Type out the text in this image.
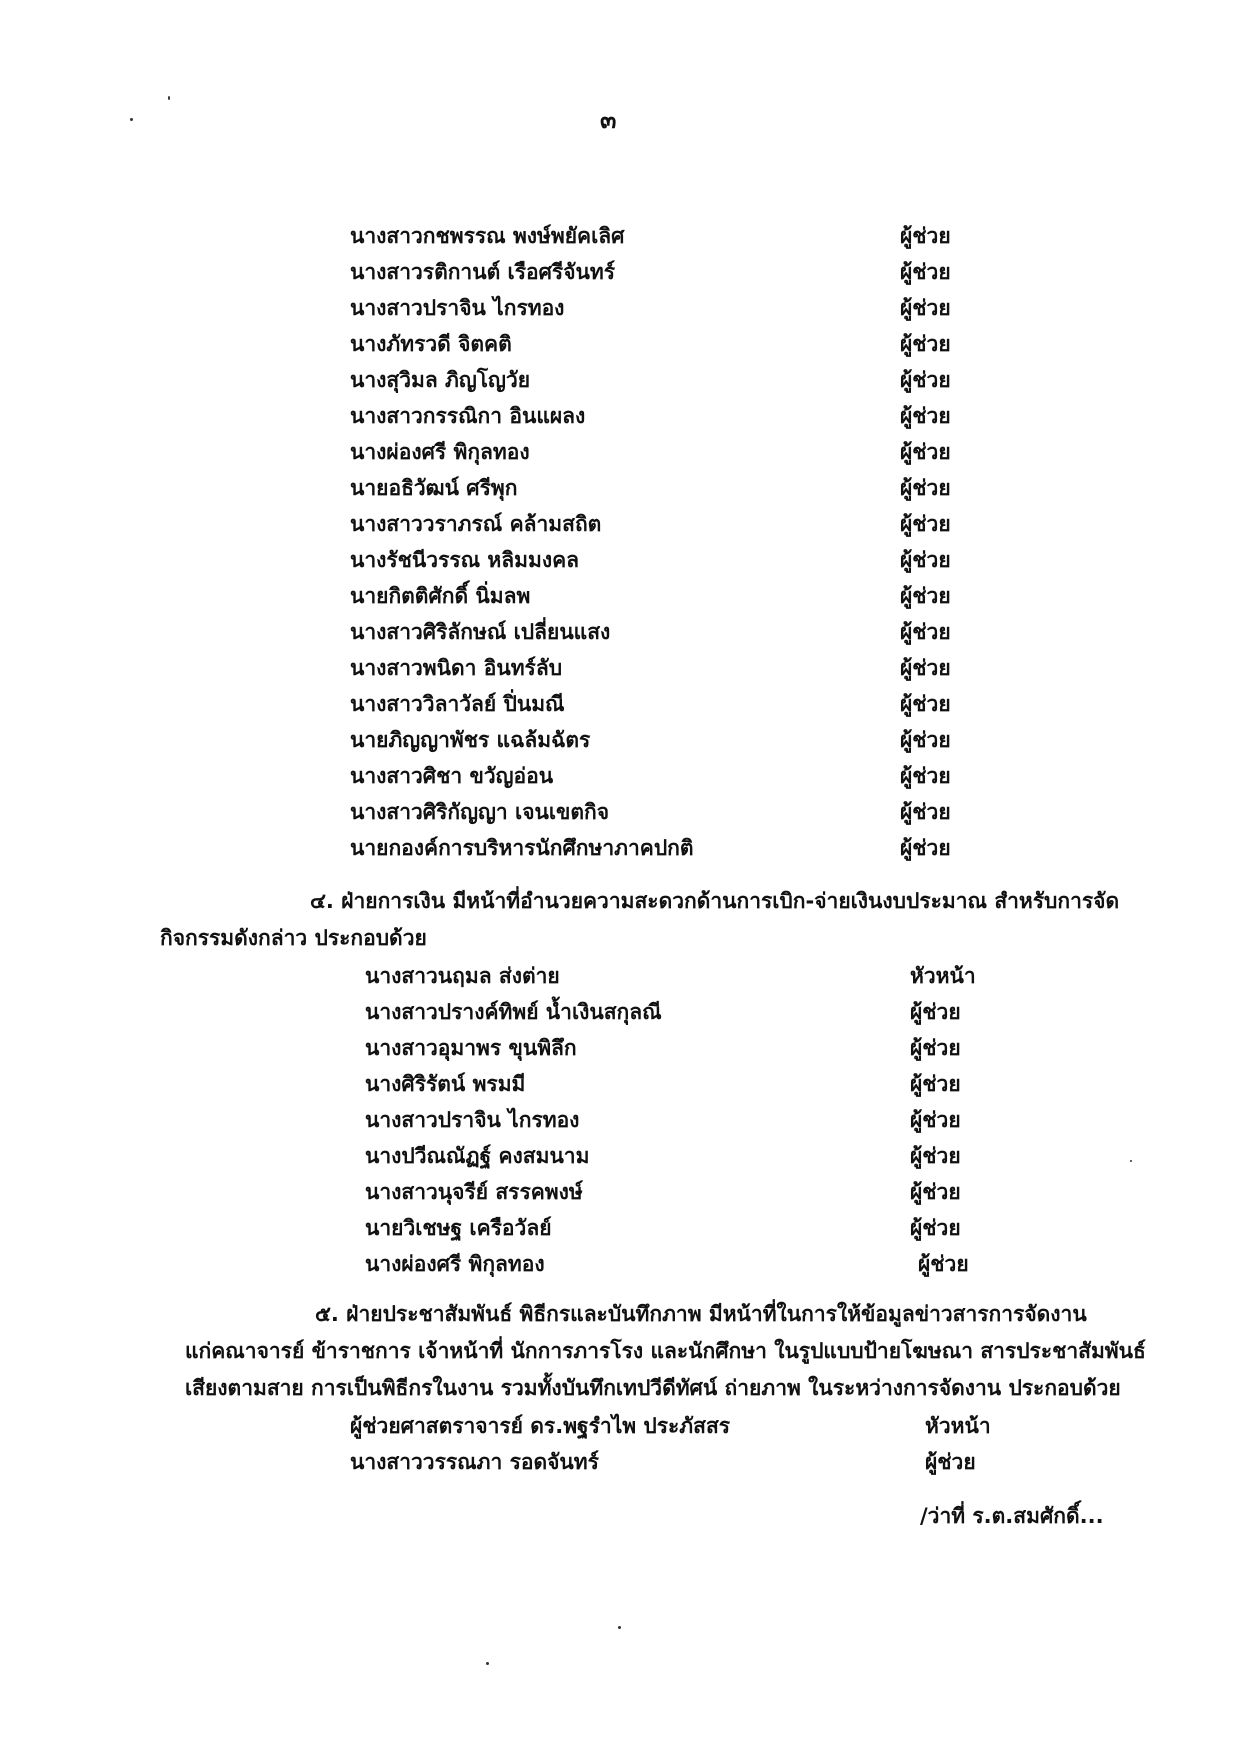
๓
นางสาวกชพรรณ พงษ์พยัคเลิศ	ผู้ช่วย
นางสาวรติกานต์ เรือศรีจันทร์	ผู้ช่วย
นางสาวปราจิน ไกรทอง	ผู้ช่วย
นางภัทรวดี จิตคติ	ผู้ช่วย
นางสุวิมล ภิญโญวัย	ผู้ช่วย
นางสาวกรรณิกา อินแผลง	ผู้ช่วย
นางผ่องศรี พิกุลทอง	ผู้ช่วย
นายอธิวัฒน์ ศรีพุก	ผู้ช่วย
นางสาววราภรณ์ คล้ามสถิต	ผู้ช่วย
นางรัชนีวรรณ หลิมมงคล	ผู้ช่วย
นายกิตติศักดิ์ นิ่มลพ	ผู้ช่วย
นางสาวศิริลักษณ์ เปลี่ยนแสง	ผู้ช่วย
นางสาวพนิดา อินทร์ลับ	ผู้ช่วย
นางสาววิลาวัลย์ ปิ่นมณี	ผู้ช่วย
นายภิญญาพัชร แฉล้มฉัตร	ผู้ช่วย
นางสาวศิชา ขวัญอ่อน	ผู้ช่วย
นางสาวศิริกัญญา เจนเขตกิจ	ผู้ช่วย
นายกองค์การบริหารนักศึกษาภาคปกติ	ผู้ช่วย
๔. ฝ่ายการเงิน มีหน้าที่อำนวยความสะดวกด้านการเบิก-จ่ายเงินงบประมาณ สำหรับการจัด
กิจกรรมดังกล่าว ประกอบด้วย
นางสาวนฤมล ส่งต่าย	หัวหน้า
นางสาวปรางค์ทิพย์ น้ำเงินสกุลณี	ผู้ช่วย
นางสาวอุมาพร ขุนพิลึก	ผู้ช่วย
นางศิริรัตน์ พรมมี	ผู้ช่วย
นางสาวปราจิน ไกรทอง	ผู้ช่วย
นางปวีณณัฏฐ์ คงสมนาม	ผู้ช่วย
นางสาวนุจรีย์ สรรคพงษ์	ผู้ช่วย
นายวิเชษฐ เครือวัลย์	ผู้ช่วย
นางผ่องศรี พิกุลทอง	ผู้ช่วย
๕. ฝ่ายประชาสัมพันธ์ พิธีกรและบันทึกภาพ มีหน้าที่ในการให้ข้อมูลข่าวสารการจัดงาน
แก่คณาจารย์ ข้าราชการ เจ้าหน้าที่ นักการภารโรง และนักศึกษา ในรูปแบบป้ายโฆษณา สารประชาสัมพันธ์
เสียงตามสาย การเป็นพิธีกรในงาน รวมทั้งบันทึกเทปวีดีทัศน์ ถ่ายภาพ ในระหว่างการจัดงาน ประกอบด้วย
ผู้ช่วยศาสตราจารย์ ดร.พฐรำไพ ประภัสสร	หัวหน้า
นางสาววรรณภา รอดจันทร์	ผู้ช่วย
/ว่าที่ ร.ต.สมศักดิ์...
